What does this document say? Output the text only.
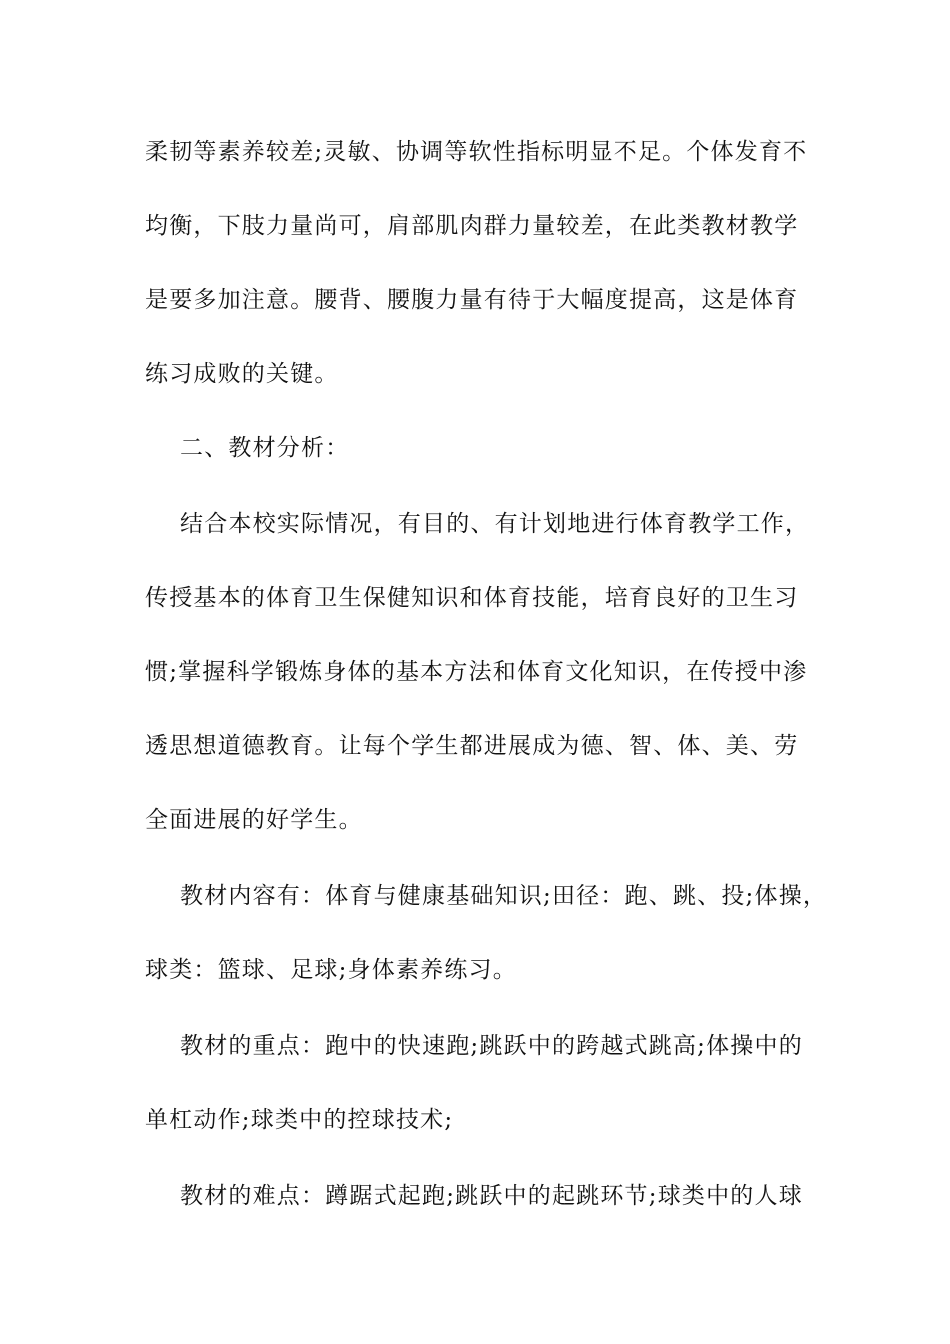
柔韧等素养较差;灵敏、协调等软性指标明显不足。个体发育不
均衡，下肢力量尚可，肩部肌肉群力量较差，在此类教材教学
是要多加注意。腰背、腰腹力量有待于大幅度提高，这是体育
练习成败的关键。
二、教材分析：
结合本校实际情况，有目的、有计划地进行体育教学工作，
传授基本的体育卫生保健知识和体育技能，培育良好的卫生习
惯;掌握科学锻炼身体的基本方法和体育文化知识，在传授中渗
透思想道德教育。让每个学生都进展成为德、智、体、美、劳
全面进展的好学生。
教材内容有：体育与健康基础知识;田径：跑、跳、投;体操，
球类：篮球、足球;身体素养练习。
教材的重点：跑中的快速跑;跳跃中的跨越式跳高;体操中的
单杠动作;球类中的控球技术;
教材的难点：蹲踞式起跑;跳跃中的起跳环节;球类中的人球
